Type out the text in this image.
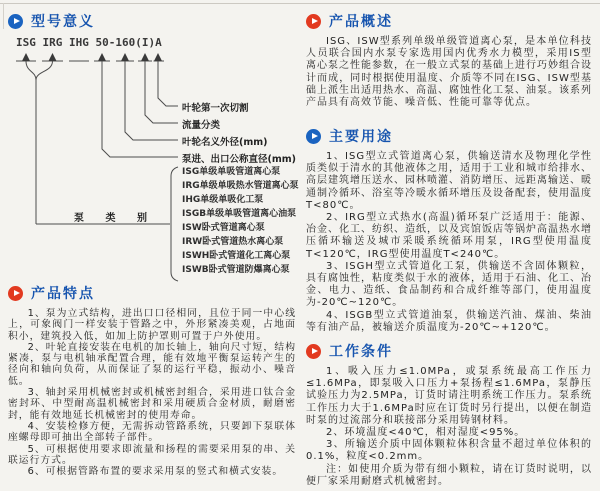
型号意义
ISG IRG IHG 50-160(I)A
叶轮第一次切割
流量分类
叶轮名义外径(mm)
泵进、出口公称直径(mm)
泵 类 别
ISG单级单吸管道离心泵
IRG单级单吸热水管道离心泵
IHG单级单吸化工泵
ISGB单级单吸管道离心油泵
ISW卧式管道离心泵
IRW卧式管道热水离心泵
ISWH卧式管道化工离心泵
ISWB卧式管道防爆离心泵
产品特点

1、泵为立式结构，进出口口径相同，且位于同一中心线上，可象阀门一样安装于管路之中，外形紧凑美观，占地面积小，建筑投入低，如加上防护罩则可置于户外使用。

2、叶轮直接安装在电机的加长轴上，轴向尺寸短，结构紧凑，泵与电机轴承配置合理，能有效地平衡泵运转产生的径向和轴向负荷，从而保证了泵的运行平稳，振动小、噪音低。

3、轴封采用机械密封或机械密封组合，采用进口钛合金密封环、中型耐高温机械密封和采用硬质合金材质，耐磨密封，能有效地延长机械密封的使用寿命。

4、安装检修方便，无需拆动管路系统，只要卸下泵联体座螺母即可抽出全部转子部件。

5、可根据使用要求即流量和扬程的需要采用泵的串、关联运行方式。

6、可根据管路布置的要求采用泵的竖式和横式安装。

产品概述

ISG、ISW型系列单级单级管道离心泵，是本单位科技人员联合国内水泵专家选用国内优秀水力模型，采用IS型离心泵之性能参数，在一般立式泵的基础上进行巧妙组合设计而成，同时根据使用温度、介质等不同在ISG、ISW型基础上派生出适用热水、高温、腐蚀性化工泵、油泵。该系列产品具有高效节能、噪音低、性能可靠等优点。

主要用途

1、ISG型立式管道离心泵，供输送清水及物理化学性质类似于清水的其他液体之用，适用于工业和城市给排水、高层建筑增压送水、园林喷灌、消防增压、远距离输送、暖通制冷循环、浴室等冷暖水循环增压及设备配套，使用温度T<80℃。

2、IRG型立式热水(高温)循环泵广泛适用于：能源、冶金、化工、纺织、造纸，以及宾馆饭店等锅炉高温热水增压循环输送及城市采暖系统循环用泵，IRG型使用温度T<120℃，IRG型使用温度T<240℃。

3、ISGH型立式管道化工泵，供输送不含固体颗粒，具有腐蚀性，粘度类似于水的液体，适用于石油、化工、冶金、电力、造纸、食品制药和合成纤维等部门，使用温度为-20℃~120℃。

4、ISGB型立式管道油泵，供输送汽油、煤油、柴油等有油产品，被输送介质温度为-20℃~+120℃。

工作条件

1、吸入压力≤1.0MPa，或泵系统最高工作压力≤1.6MPa，即泵吸入口压力+泵扬程≤1.6MPa，泵静压试验压力为2.5MPa，订货时请注明系统工作压力。泵系统工作压力大于1.6MPa时应在订货时另行提出，以便在制造时泵的过流部分和联接部分采用铸钢材料。

2、环境温度<40℃，相对湿度<95%。

3、所输送介质中固体颗粒体积含量不超过单位体积的0.1%，粒度<0.2mm。

注：如使用介质为带有细小颗粒，请在订货时说明，以便厂家采用耐磨式机械密封。
